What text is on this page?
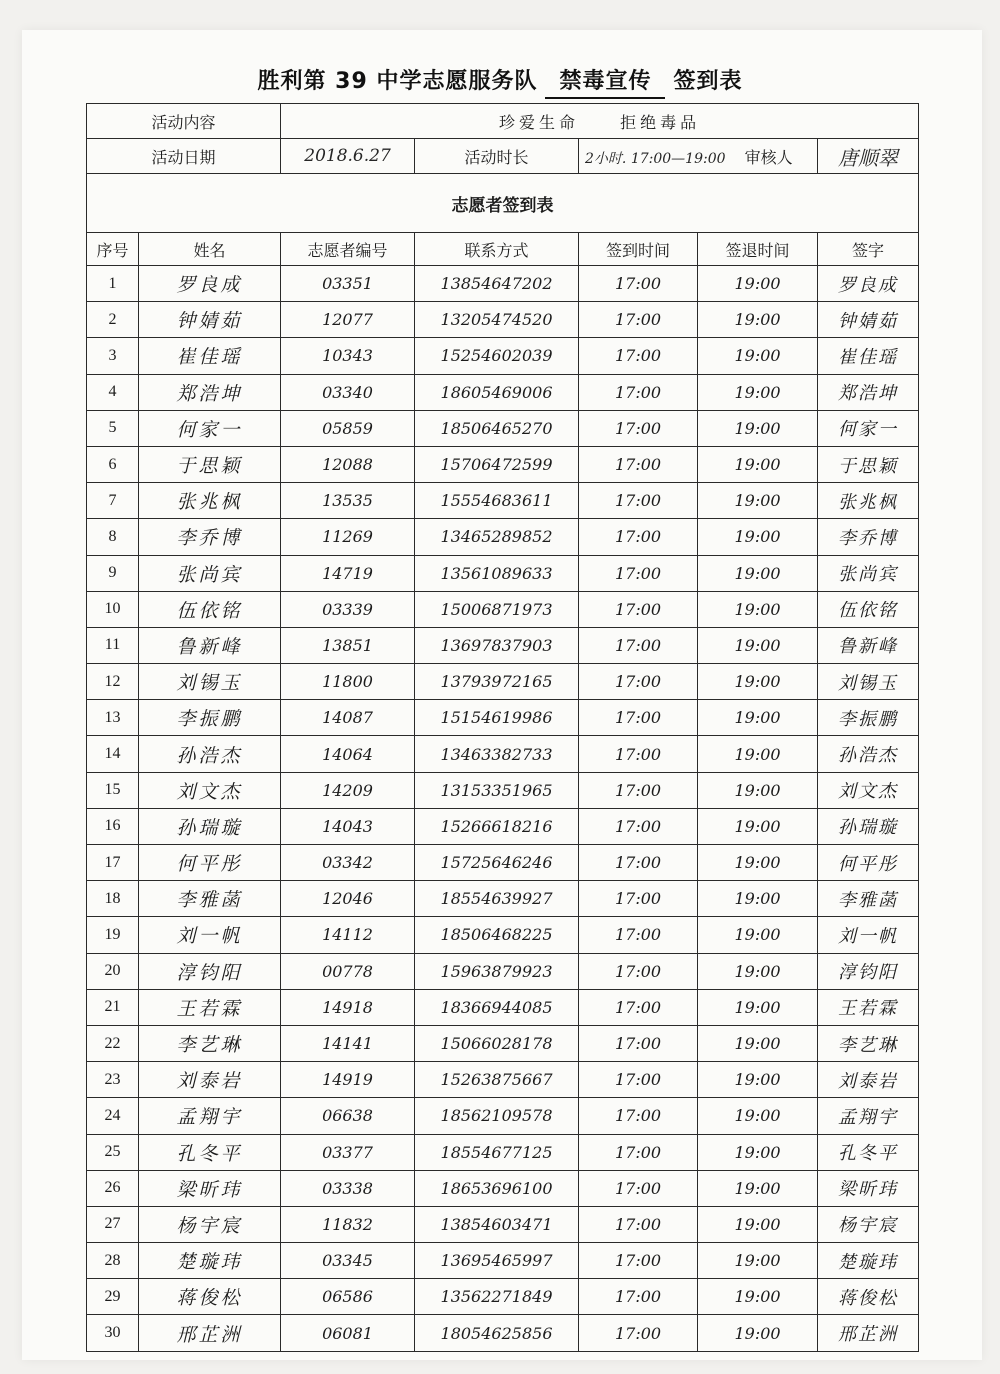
胜利第 39 中学志愿服务队 禁毒宣传 签到表
活动内容		珍爱生命 拒绝毒品				
活动日期		2018.6.27	活动时长	2小时. 17:00—19:00 审核人		唐顺翠
志愿者签到表						
序号	姓名	志愿者编号	联系方式	签到时间	签退时间	签字
1	罗良成	03351	13854647202	17:00	19:00	罗良成
2	钟婧茹	12077	13205474520	17:00	19:00	钟婧茹
3	崔佳瑶	10343	15254602039	17:00	19:00	崔佳瑶
4	郑浩坤	03340	18605469006	17:00	19:00	郑浩坤
5	何家一	05859	18506465270	17:00	19:00	何家一
6	于思颖	12088	15706472599	17:00	19:00	于思颖
7	张兆枫	13535	15554683611	17:00	19:00	张兆枫
8	李乔博	11269	13465289852	17:00	19:00	李乔博
9	张尚宾	14719	13561089633	17:00	19:00	张尚宾
10	伍依铭	03339	15006871973	17:00	19:00	伍依铭
11	鲁新峰	13851	13697837903	17:00	19:00	鲁新峰
12	刘锡玉	11800	13793972165	17:00	19:00	刘锡玉
13	李振鹏	14087	15154619986	17:00	19:00	李振鹏
14	孙浩杰	14064	13463382733	17:00	19:00	孙浩杰
15	刘文杰	14209	13153351965	17:00	19:00	刘文杰
16	孙瑞璇	14043	15266618216	17:00	19:00	孙瑞璇
17	何平彤	03342	15725646246	17:00	19:00	何平彤
18	李雅菡	12046	18554639927	17:00	19:00	李雅菡
19	刘一帆	14112	18506468225	17:00	19:00	刘一帆
20	淳钧阳	00778	15963879923	17:00	19:00	淳钧阳
21	王若霖	14918	18366944085	17:00	19:00	王若霖
22	李艺琳	14141	15066028178	17:00	19:00	李艺琳
23	刘泰岩	14919	15263875667	17:00	19:00	刘泰岩
24	孟翔宇	06638	18562109578	17:00	19:00	孟翔宇
25	孔冬平	03377	18554677125	17:00	19:00	孔冬平
26	梁昕玮	03338	18653696100	17:00	19:00	梁昕玮
27	杨宇宸	11832	13854603471	17:00	19:00	杨宇宸
28	楚璇玮	03345	13695465997	17:00	19:00	楚璇玮
29	蒋俊松	06586	13562271849	17:00	19:00	蒋俊松
30	邢芷洲	06081	18054625856	17:00	19:00	邢芷洲
